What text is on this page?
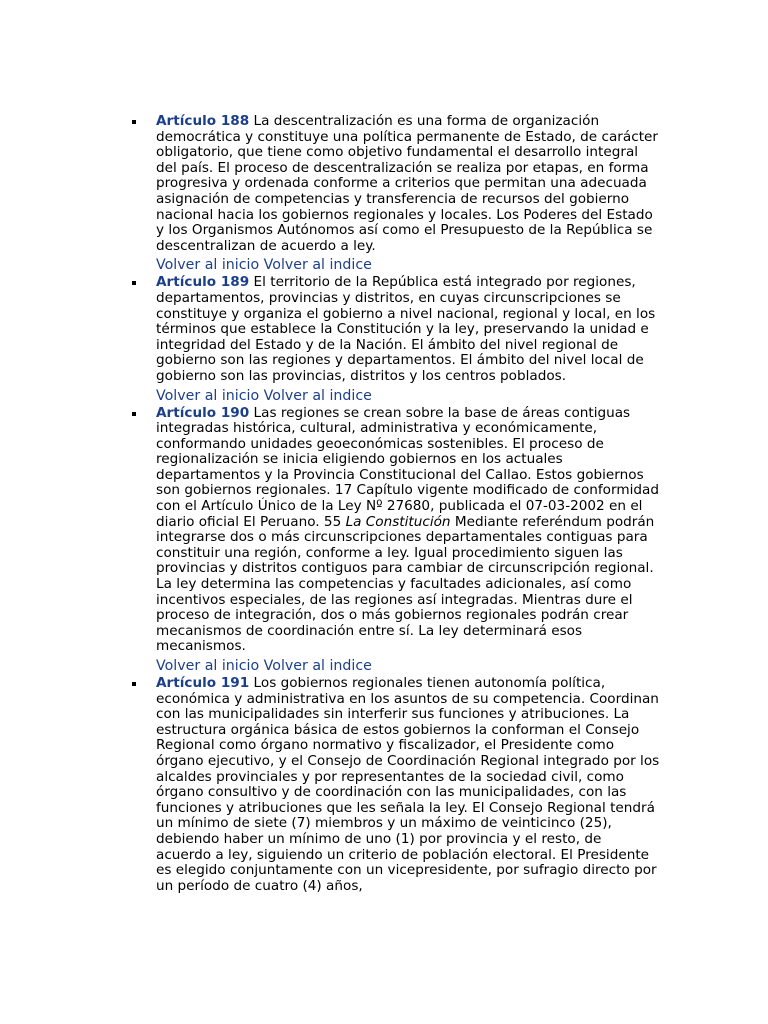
Artículo 188 La descentralización es una forma de organización democrática y constituye una política permanente de Estado, de carácter obligatorio, que tiene como objetivo fundamental el desarrollo integral del país. El proceso de descentralización se realiza por etapas, en forma progresiva y ordenada conforme a criterios que permitan una adecuada asignación de competencias y transferencia de recursos del gobierno nacional hacia los gobiernos regionales y locales. Los Poderes del Estado y los Organismos Autónomos así como el Presupuesto de la República se descentralizan de acuerdo a ley.
Volver al inicio Volver al indice
Artículo 189 El territorio de la República está integrado por regiones, departamentos, provincias y distritos, en cuyas circunscripciones se constituye y organiza el gobierno a nivel nacional, regional y local, en los términos que establece la Constitución y la ley, preservando la unidad e integridad del Estado y de la Nación. El ámbito del nivel regional de gobierno son las regiones y departamentos. El ámbito del nivel local de gobierno son las provincias, distritos y los centros poblados.
Volver al inicio Volver al indice
Artículo 190 Las regiones se crean sobre la base de áreas contiguas integradas histórica, cultural, administrativa y económicamente, conformando unidades geoeconómicas sostenibles. El proceso de regionalización se inicia eligiendo gobiernos en los actuales departamentos y la Provincia Constitucional del Callao. Estos gobiernos son gobiernos regionales. 17 Capítulo vigente modificado de conformidad con el Artículo Único de la Ley Nº 27680, publicada el 07-03-2002 en el diario oficial El Peruano. 55 La Constitución Mediante referéndum podrán integrarse dos o más circunscripciones departamentales contiguas para constituir una región, conforme a ley. Igual procedimiento siguen las provincias y distritos contiguos para cambiar de circunscripción regional. La ley determina las competencias y facultades adicionales, así como incentivos especiales, de las regiones así integradas. Mientras dure el proceso de integración, dos o más gobiernos regionales podrán crear mecanismos de coordinación entre sí. La ley determinará esos mecanismos.
Volver al inicio Volver al indice
Artículo 191 Los gobiernos regionales tienen autonomía política, económica y administrativa en los asuntos de su competencia. Coordinan con las municipalidades sin interferir sus funciones y atribuciones. La estructura orgánica básica de estos gobiernos la conforman el Consejo Regional como órgano normativo y fiscalizador, el Presidente como órgano ejecutivo, y el Consejo de Coordinación Regional integrado por los alcaldes provinciales y por representantes de la sociedad civil, como órgano consultivo y de coordinación con las municipalidades, con las funciones y atribuciones que les señala la ley. El Consejo Regional tendrá un mínimo de siete (7) miembros y un máximo de veinticinco (25), debiendo haber un mínimo de uno (1) por provincia y el resto, de acuerdo a ley, siguiendo un criterio de población electoral. El Presidente es elegido conjuntamente con un vicepresidente, por sufragio directo por un período de cuatro (4) años,
